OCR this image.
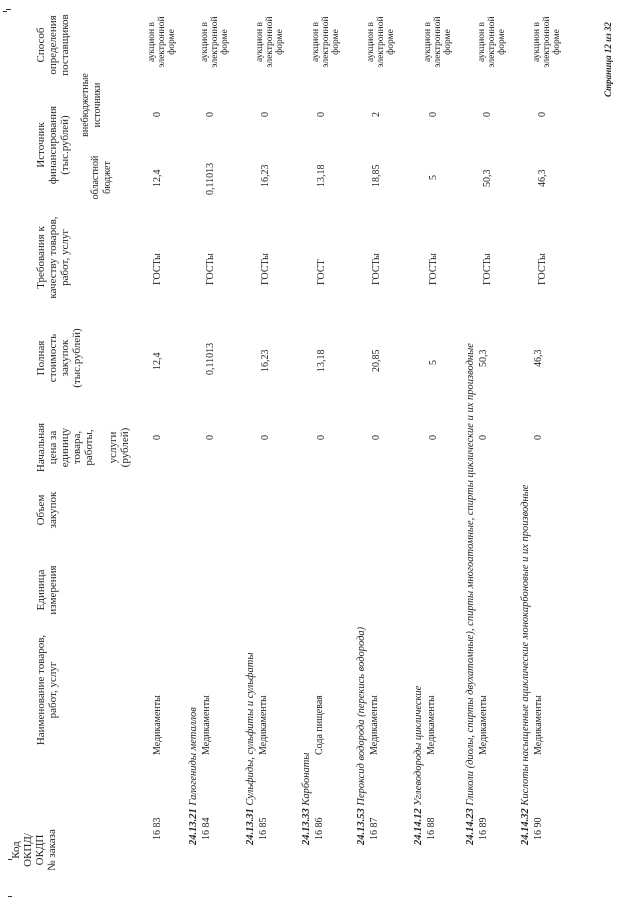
Код ОКПД/ ОКДП № заказа
Наименование товаров, работ, услуг
Единица измерения
Объем закупок
Начальная цена за единицу товара, работы, услуги (рублей)
Полная стоимость закупок (тыс.рублей)
Требования к качеству товаров, работ, услуг
Источник финансирования (тыс.рублей)
областной бюджет
внебюджетные источники
Способ определения поставщиков
16 83
Медикаменты
0
12,4
ГОСТы
12,4
0
аукцион в электронной форме
24.13.21 Галогениды металлов
16 84
Медикаменты
0
0,11013
ГОСТы
0,11013
0
аукцион в электронной форме
24.13.31 Сульфиды, сульфиты и сульфаты
16 85
Медикаменты
0
16,23
ГОСТы
16,23
0
аукцион в электронной форме
24.13.33 Карбонаты
16 86
Сода пищевая
0
13,18
ГОСТ
13,18
0
аукцион в электронной форме
24.13.53 Пероксид водорода (перекись водорода)
16 87
Медикаменты
0
20,85
ГОСТы
18,85
2
аукцион в электронной форме
24.14.12 Углеводороды циклические
16 88
Медикаменты
0
5
ГОСТы
5
0
аукцион в электронной форме
24.14.23 Гликоли (диолы, спирты двухатомные), спирты многоатомные, спирты циклические и их производные
16 89
Медикаменты
0
50,3
ГОСТы
50,3
0
аукцион в электронной форме
24.14.32 Кислоты насыщенные ациклические монокарбоновые и их производные
16 90
Медикаменты
0
46,3
ГОСТы
46,3
0
аукцион в электронной форме	Страница 12 из 32
